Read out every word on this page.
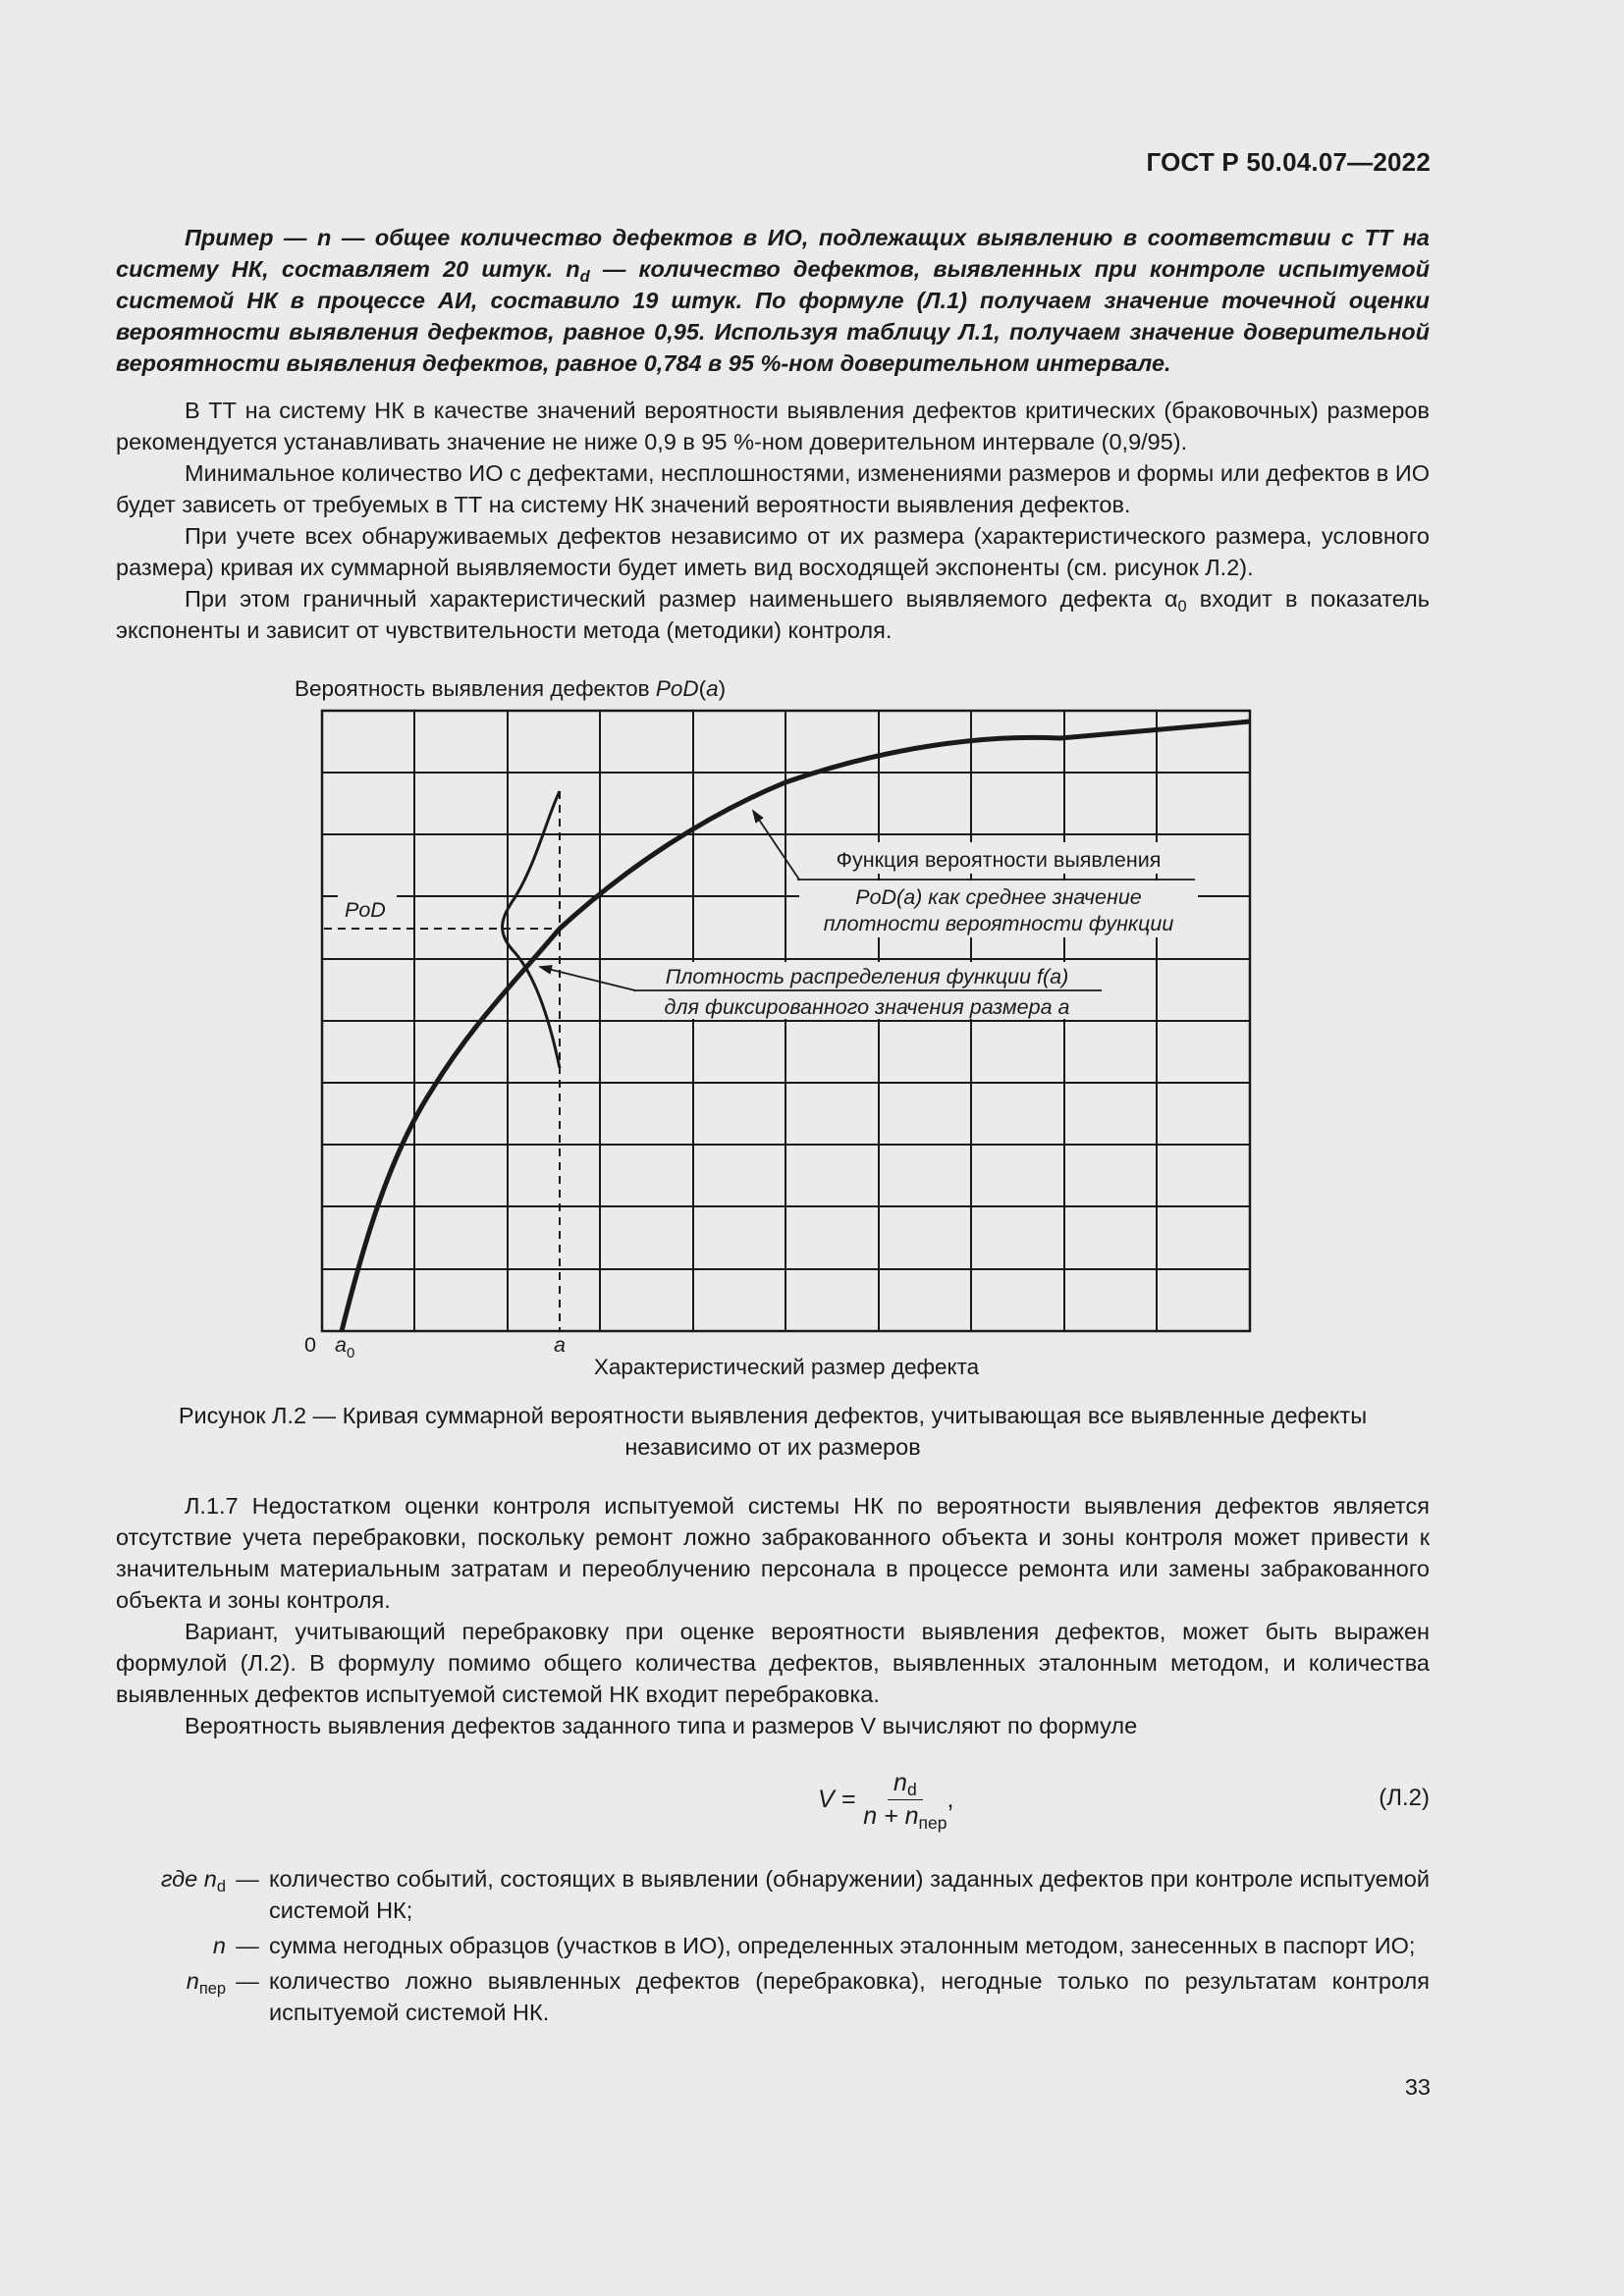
ГОСТ Р 50.04.07—2022
Пример — n — общее количество дефектов в ИО, подлежащих выявлению в соответствии с ТТ на систему НК, составляет 20 штук. $n_d$ — количество дефектов, выявленных при контроле испытуемой системой НК в процессе АИ, составило 19 штук. По формуле (Л.1) получаем значение точечной оценки вероятности выявления дефектов, равное 0,95. Используя таблицу Л.1, получаем значение доверительной вероятности выявления дефектов, равное 0,784 в 95 %-ном доверительном интервале.

В ТТ на систему НК в качестве значений вероятности выявления дефектов критических (браковочных) размеров рекомендуется устанавливать значение не ниже 0,9 в 95 %-ном доверительном интервале (0,9/95).

Минимальное количество ИО с дефектами, несплошностями, изменениями размеров и формы или дефектов в ИО будет зависеть от требуемых в ТТ на систему НК значений вероятности выявления дефектов.

При учете всех обнаруживаемых дефектов независимо от их размера (характеристического размера, условного размера) кривая их суммарной выявляемости будет иметь вид восходящей экспоненты (см. рисунок Л.2).

При этом граничный характеристический размер наименьшего выявляемого дефекта $\alpha_0$ входит в показатель экспоненты и зависит от чувствительности метода (методики) контроля.

Вероятность выявления дефектов PoD(a)
Функция вероятности выявления
PoD(a) как среднее значение
плотности вероятности функции
Плотность распределения функции f(a)
для фиксированного значения размера a
PoD
0 $a_0$	a
Характеристический размер дефекта
Рисунок Л.2 — Кривая суммарной вероятности выявления дефектов, учитывающая все выявленные дефекты
независимо от их размеров

Л.1.7 Недостатком оценки контроля испытуемой системы НК по вероятности выявления дефектов является отсутствие учета перебраковки, поскольку ремонт ложно забракованного объекта и зоны контроля может привести к значительным материальным затратам и переоблучению персонала в процессе ремонта или замены забракованного объекта и зоны контроля.

Вариант, учитывающий перебраковку при оценке вероятности выявления дефектов, может быть выражен формулой (Л.2). В формулу помимо общего количества дефектов, выявленных эталонным методом, и количества выявленных дефектов испытуемой системой НК входит перебраковка.

Вероятность выявления дефектов заданного типа и размеров V вычисляют по формуле

$V = \frac{n_d}{n + n_{пер}}$ ,	(Л.2)
где $n_d$ — количество событий, состоящих в выявлении (обнаружении) заданных дефектов при контроле испытуемой системой НК;
n — сумма негодных образцов (участков в ИО), определенных эталонным методом, занесенных в паспорт ИО;
$n_{пер}$ — количество ложно выявленных дефектов (перебраковка), негодные только по результатам контроля испытуемой системой НК.
33
